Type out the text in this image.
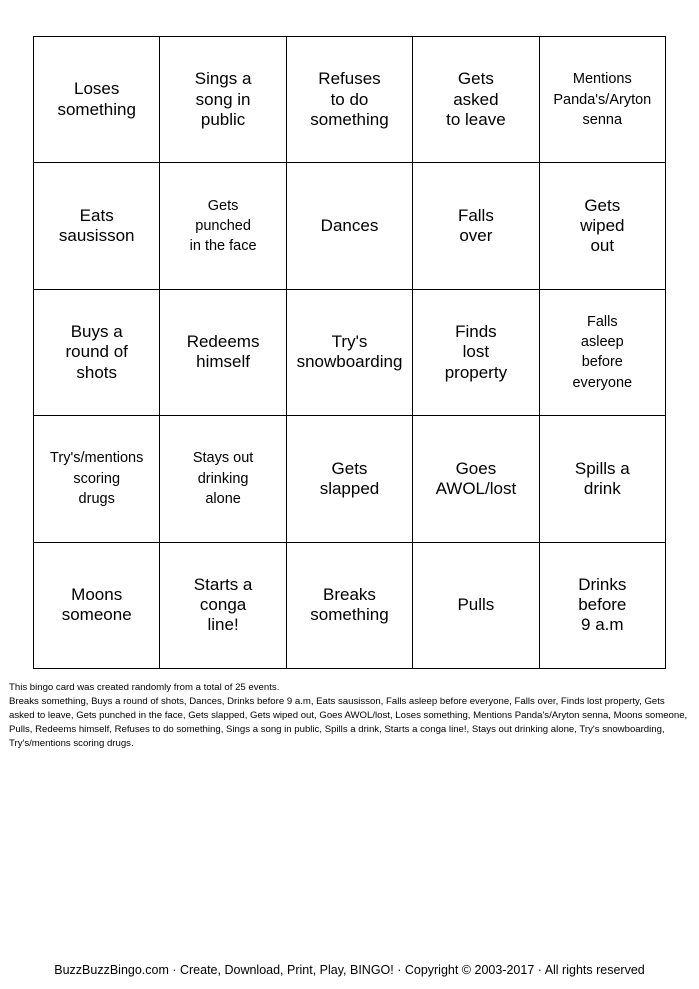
Loses
something
Sings a
song in
public
Refuses
to do
something
Gets
asked
to leave
Mentions
Panda's/Aryton
senna
Eats
sausisson
Gets
punched
in the face
Dances
Falls
over
Gets
wiped
out
Buys a
round of
shots
Redeems
himself
Try's
snowboarding
Finds
lost
property
Falls
asleep
before
everyone
Try's/mentions
scoring
drugs
Stays out
drinking
alone
Gets
slapped
Goes
AWOL/lost
Spills a
drink
Moons
someone
Starts a
conga
line!
Breaks
something
Pulls
Drinks
before
9 a.m

This bingo card was created randomly from a total of 25 events.

Breaks something, Buys a round of shots, Dances, Drinks before 9 a.m, Eats sausisson, Falls asleep before everyone, Falls over, Finds lost property, Gets asked to leave, Gets punched in the face, Gets slapped, Gets wiped out, Goes AWOL/lost, Loses something, Mentions Panda's/Aryton senna, Moons someone, Pulls, Redeems himself, Refuses to do something, Sings a song in public, Spills a drink, Starts a conga line!, Stays out drinking alone, Try's snowboarding, Try's/mentions scoring drugs.

BuzzBuzzBingo.com · Create, Download, Print, Play, BINGO! · Copyright © 2003-2017 · All rights reserved
